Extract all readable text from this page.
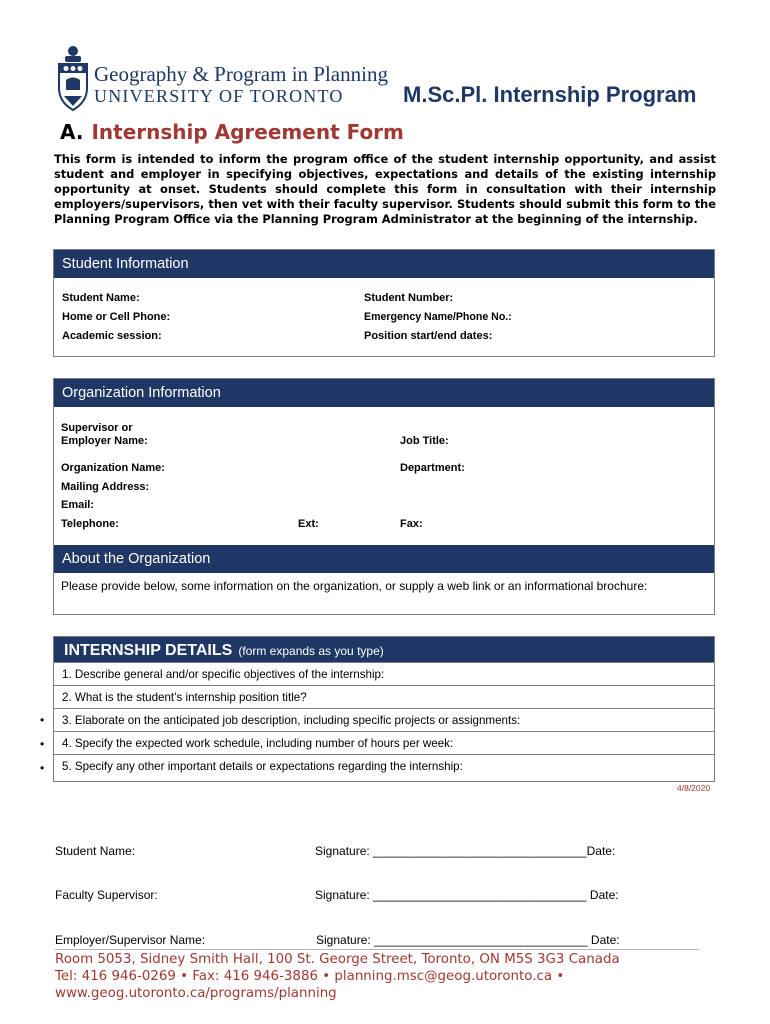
Geography & Program in Planning
UNIVERSITY OF TORONTO	M.Sc.Pl. Internship Program
A. Internship Agreement Form
This form is intended to inform the program office of the student internship opportunity, and assist student and employer in specifying objectives, expectations and details of the existing internship opportunity at onset. Students should complete this form in consultation with their internship employers/supervisors, then vet with their faculty supervisor. Students should submit this form to the Planning Program Office via the Planning Program Administrator at the beginning of the internship.
Student Information
Student Name:	Student Number:
Home or Cell Phone:	Emergency Name/Phone No.:
Academic session:	Position start/end dates:
Organization Information
Supervisor or
Employer Name:	Job Title:
Organization Name:	Department:
Mailing Address:
Email:
Telephone:	Ext:	Fax:
About the Organization
Please provide below, some information on the organization, or supply a web link or an informational brochure:
INTERNSHIP DETAILS (form expands as you type)
1. Describe general and/or specific objectives of the internship:
2. What is the student’s internship position title?
3. Elaborate on the anticipated job description, including specific projects or assignments:
4. Specify the expected work schedule, including number of hours per week:
5. Specify any other important details or expectations regarding the internship:
•
•
•
4/8/2020
Student Name:	Signature: ________________________________Date:
Faculty Supervisor:	Signature: ________________________________ Date:
Employer/Supervisor Name:	Signature: ________________________________ Date:
Room 5053, Sidney Smith Hall, 100 St. George Street, Toronto, ON M5S 3G3 Canada
Tel: 416 946-0269 • Fax: 416 946-3886 • planning.msc@geog.utoronto.ca •
www.geog.utoronto.ca/programs/planning
